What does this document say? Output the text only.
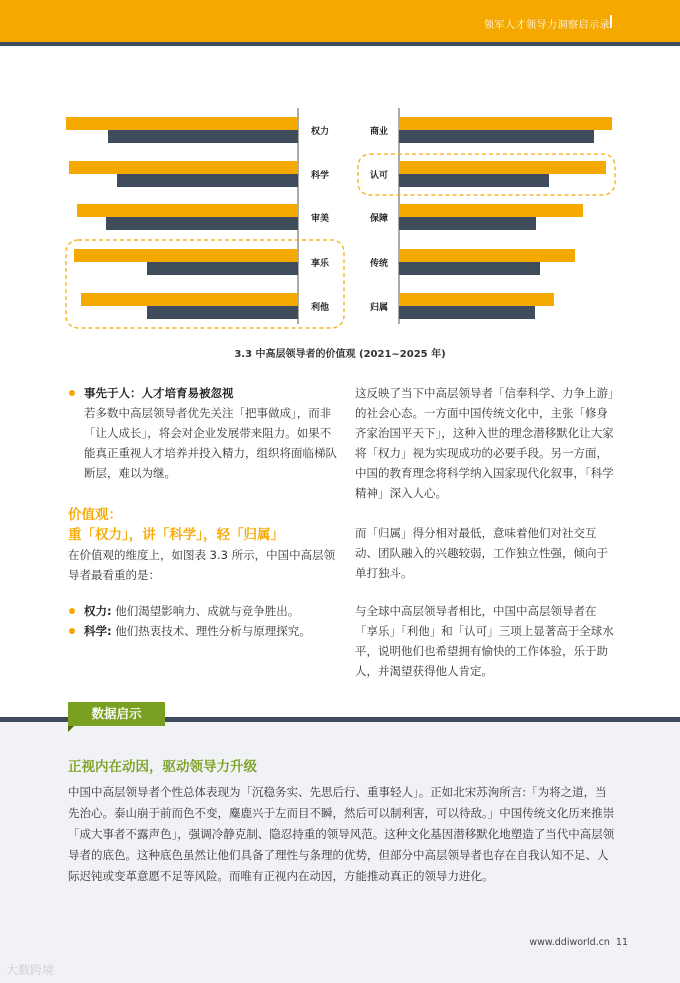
领军人才领导力洞察启示录
权力
科学
审美
享乐
利他
商业
认可
保障
传统
归属
3.3 中高层领导者的价值观 (2021~2025 年)

事先于人：人才培育易被忽视

若多数中高层领导者优先关注「把事做成」，而非「让人成长」，将会对企业发展带来阻力。如果不能真正重视人才培养并投入精力，组织将面临梯队断层，难以为继。

价值观：
重「权力」，讲「科学」，轻「归属」

在价值观的维度上，如图表 3.3 所示，中国中高层领导者最看重的是：

权力: 他们渴望影响力、成就与竞争胜出。

科学: 他们热衷技术、理性分析与原理探究。

这反映了当下中高层领导者「信奉科学、力争上游」的社会心态。一方面中国传统文化中，主张「修身齐家治国平天下」，这种入世的理念潜移默化让大家将「权力」视为实现成功的必要手段。另一方面，中国的教育理念将科学纳入国家现代化叙事，「科学精神」深入人心。

而「归属」得分相对最低，意味着他们对社交互动、团队融入的兴趣较弱，工作独立性强，倾向于单打独斗。

与全球中高层领导者相比，中国中高层领导者在「享乐」「利他」和「认可」三项上显著高于全球水平，说明他们也希望拥有愉快的工作体验，乐于助人，并渴望获得他人肯定。

数据启示
正视内在动因，驱动领导力升级
中国中高层领导者个性总体表现为「沉稳务实、先思后行、重事轻人」。正如北宋苏洵所言:「为将之道，当先治心。泰山崩于前而色不变，麋鹿兴于左而目不瞬，然后可以制利害，可以待敌。」中国传统文化历来推崇「成大事者不露声色」，强调冷静克制、隐忍持重的领导风范。这种文化基因潜移默化地塑造了当代中高层领导者的底色。这种底色虽然让他们具备了理性与条理的优势，但部分中高层领导者也存在自我认知不足、人际迟钝或变革意愿不足等风险。而唯有正视内在动因，方能推动真正的领导力进化。
www.ddiworld.cn 11
大数跨境
